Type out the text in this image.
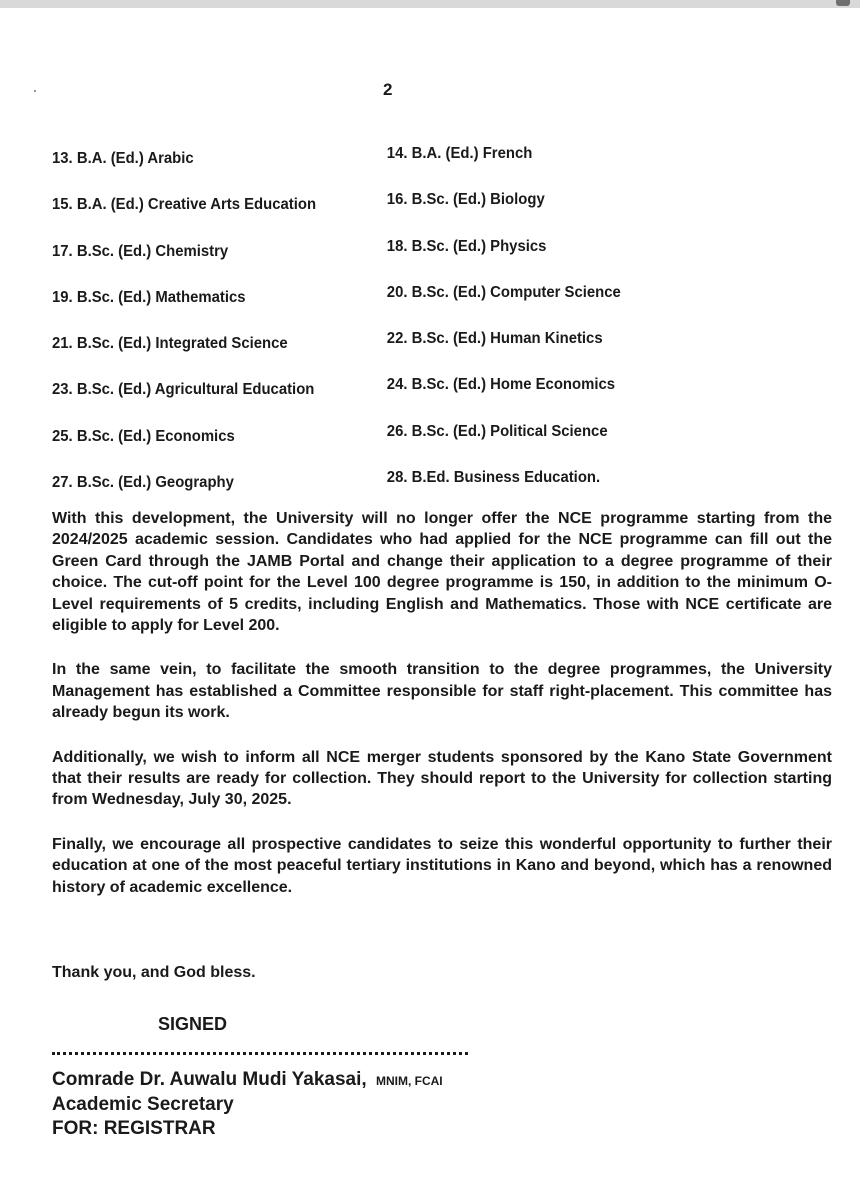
2
13. B.A. (Ed.) Arabic	14. B.A. (Ed.) French
15. B.A. (Ed.) Creative Arts Education	16. B.Sc. (Ed.) Biology
17. B.Sc. (Ed.) Chemistry	18. B.Sc. (Ed.) Physics
19. B.Sc. (Ed.) Mathematics	20. B.Sc. (Ed.) Computer Science
21. B.Sc. (Ed.) Integrated Science	22. B.Sc. (Ed.) Human Kinetics
23. B.Sc. (Ed.) Agricultural Education	24. B.Sc. (Ed.) Home Economics
25. B.Sc. (Ed.) Economics	26. B.Sc. (Ed.) Political Science
27. B.Sc. (Ed.) Geography	28. B.Ed. Business Education.

With this development, the University will no longer offer the NCE programme starting from the 2024/2025 academic session. Candidates who had applied for the NCE programme can fill out the Green Card through the JAMB Portal and change their application to a degree programme of their choice. The cut-off point for the Level 100 degree programme is 150, in addition to the minimum O-Level requirements of 5 credits, including English and Mathematics. Those with NCE certificate are eligible to apply for Level 200.

In the same vein, to facilitate the smooth transition to the degree programmes, the University Management has established a Committee responsible for staff right-placement. This committee has already begun its work.

Additionally, we wish to inform all NCE merger students sponsored by the Kano State Government that their results are ready for collection. They should report to the University for collection starting from Wednesday, July 30, 2025.

Finally, we encourage all prospective candidates to seize this wonderful opportunity to further their education at one of the most peaceful tertiary institutions in Kano and beyond, which has a renowned history of academic excellence.

Thank you, and God bless.
SIGNED
Comrade Dr. Auwalu Mudi Yakasai, MNIM, FCAI
Academic Secretary
FOR: REGISTRAR
